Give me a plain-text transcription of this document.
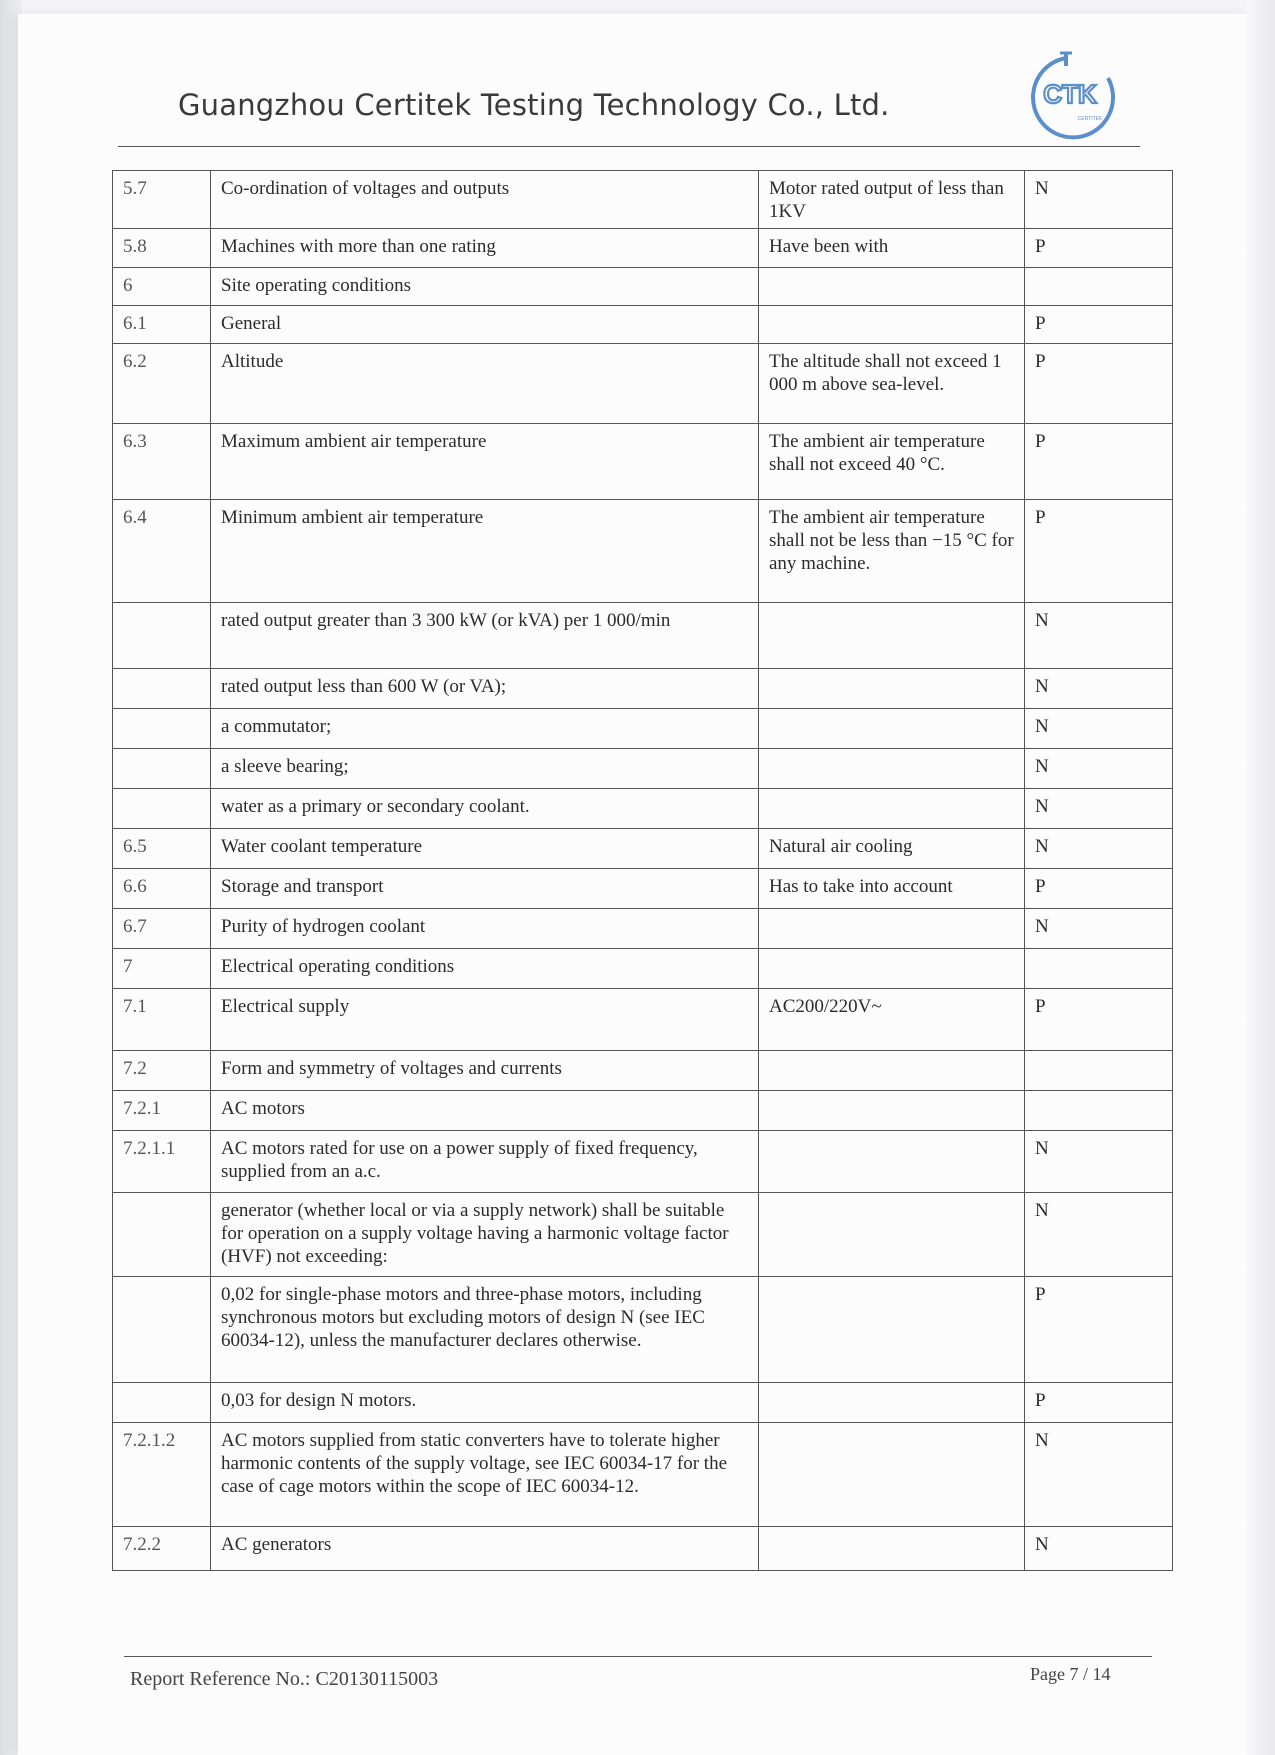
Guangzhou Certitek Testing Technology Co., Ltd.	CTK
CERTITEK
5.7	Co-ordination of voltages and outputs	Motor rated output of less than 1KV	N
5.8	Machines with more than one rating	Have been with	P
6	Site operating conditions		
6.1	General		P
6.2	Altitude	The altitude shall not exceed 1 000 m above sea-level.	P
6.3	Maximum ambient air temperature	The ambient air temperature shall not exceed 40 °C.	P
6.4	Minimum ambient air temperature	The ambient air temperature shall not be less than −15 °C for any machine.	P
	rated output greater than 3 300 kW (or kVA) per 1 000/min		N
	rated output less than 600 W (or VA);		N
	a commutator;		N
	a sleeve bearing;		N
	water as a primary or secondary coolant.		N
6.5	Water coolant temperature	Natural air cooling	N
6.6	Storage and transport	Has to take into account	P
6.7	Purity of hydrogen coolant		N
7	Electrical operating conditions		
7.1	Electrical supply	AC200/220V~	P
7.2	Form and symmetry of voltages and currents		
7.2.1	AC motors		
7.2.1.1	AC motors rated for use on a power supply of fixed frequency, supplied from an a.c.		N
	generator (whether local or via a supply network) shall be suitable for operation on a supply voltage having a harmonic voltage factor (HVF) not exceeding:		N
	0,02 for single-phase motors and three-phase motors, including synchronous motors but excluding motors of design N (see IEC 60034-12), unless the manufacturer declares otherwise.		P
	0,03 for design N motors.		P
7.2.1.2	AC motors supplied from static converters have to tolerate higher harmonic contents of the supply voltage, see IEC 60034-17 for the case of cage motors within the scope of IEC 60034-12.		N
7.2.2	AC generators		N
Report Reference No.: C20130115003	Page 7 / 14
